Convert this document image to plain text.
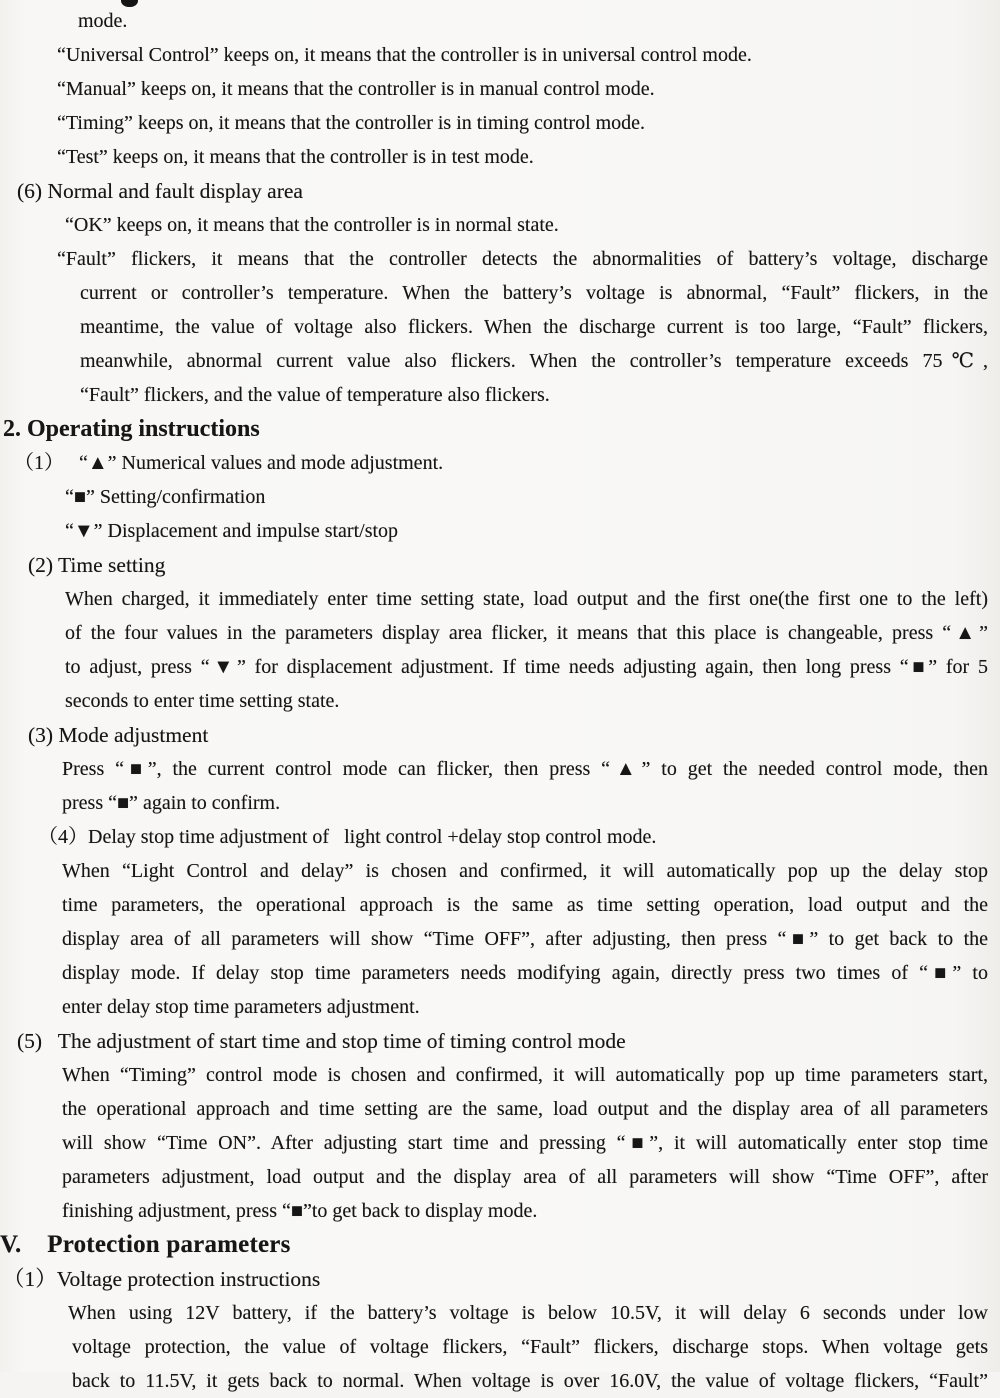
mode.
“Universal Control” keeps on, it means that the controller is in universal control mode.
“Manual” keeps on, it means that the controller is in manual control mode.
“Timing” keeps on, it means that the controller is in timing control mode.
“Test” keeps on, it means that the controller is in test mode.
(6) Normal and fault display area
“OK” keeps on, it means that the controller is in normal state.
“Fault” flickers, it means that the controller detects the abnormalities of battery’s voltage, discharge
current or controller’s temperature. When the battery’s voltage is abnormal, “Fault” flickers, in the
meantime, the value of voltage also flickers. When the discharge current is too large, “Fault” flickers,
meanwhile, abnormal current value also flickers. When the controller’s temperature exceeds 75℃,
“Fault” flickers, and the value of temperature also flickers.
2. Operating instructions
（1）   “▲” Numerical values and mode adjustment.
“■” Setting/confirmation
“▼” Displacement and impulse start/stop
(2) Time setting
When charged, it immediately enter time setting state, load output and the first one(the first one to the left)
of the four values in the parameters display area flicker, it means that this place is changeable, press “▲”
to adjust, press “▼” for displacement adjustment. If time needs adjusting again, then long press “■” for 5
seconds to enter time setting state.
(3) Mode adjustment
Press “■”, the current control mode can flicker, then press “▲” to get the needed control mode, then
press “■” again to confirm.
（4）Delay stop time adjustment of   light control +delay stop control mode.
When “Light Control and delay” is chosen and confirmed, it will automatically pop up the delay stop
time parameters, the operational approach is the same as time setting operation, load output and the
display area of all parameters will show “Time OFF”, after adjusting, then press “■” to get back to the
display mode. If delay stop time parameters needs modifying again, directly press two times of “■” to
enter delay stop time parameters adjustment.
(5)   The adjustment of start time and stop time of timing control mode
When “Timing” control mode is chosen and confirmed, it will automatically pop up time parameters start,
the operational approach and time setting are the same, load output and the display area of all parameters
will show “Time ON”. After adjusting start time and pressing “■”, it will automatically enter stop time
parameters adjustment, load output and the display area of all parameters will show “Time OFF”, after
finishing adjustment, press “■”to get back to display mode.
V.    Protection parameters
（1）Voltage protection instructions
When using 12V battery, if the battery’s voltage is below 10.5V, it will delay 6 seconds under low
voltage protection, the value of voltage flickers, “Fault” flickers, discharge stops. When voltage gets
back to 11.5V, it gets back to normal. When voltage is over 16.0V, the value of voltage flickers, “Fault”
